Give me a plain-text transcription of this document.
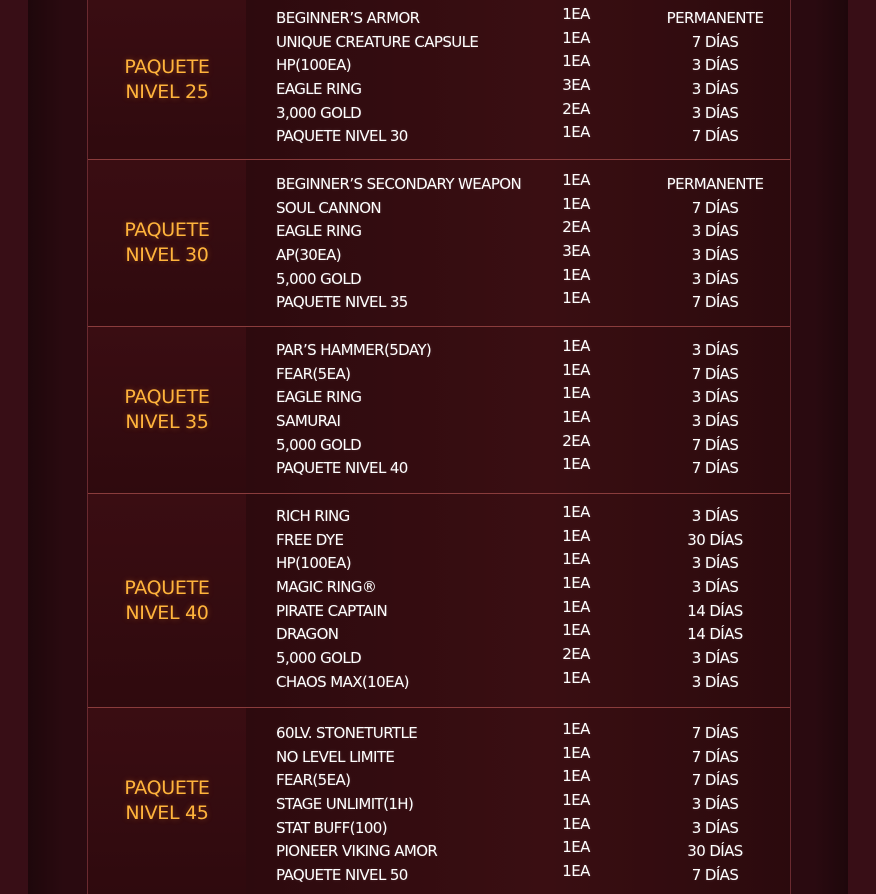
PAQUETE
NIVEL 25
BEGINNER’S ARMOR	1EA	PERMANENTE
UNIQUE CREATURE CAPSULE	1EA	7 DÍAS
HP(100EA)	1EA	3 DÍAS
EAGLE RING	3EA	3 DÍAS
3,000 GOLD	2EA	3 DÍAS
PAQUETE NIVEL 30	1EA	7 DÍAS
PAQUETE
NIVEL 30
BEGINNER’S SECONDARY WEAPON	1EA	PERMANENTE
SOUL CANNON	1EA	7 DÍAS
EAGLE RING	2EA	3 DÍAS
AP(30EA)	3EA	3 DÍAS
5,000 GOLD	1EA	3 DÍAS
PAQUETE NIVEL 35	1EA	7 DÍAS
PAQUETE
NIVEL 35
PAR’S HAMMER(5DAY)	1EA	3 DÍAS
FEAR(5EA)	1EA	7 DÍAS
EAGLE RING	1EA	3 DÍAS
SAMURAI	1EA	3 DÍAS
5,000 GOLD	2EA	7 DÍAS
PAQUETE NIVEL 40	1EA	7 DÍAS
PAQUETE
NIVEL 40
RICH RING	1EA	3 DÍAS
FREE DYE	1EA	30 DÍAS
HP(100EA)	1EA	3 DÍAS
MAGIC RING®	1EA	3 DÍAS
PIRATE CAPTAIN	1EA	14 DÍAS
DRAGON	1EA	14 DÍAS
5,000 GOLD	2EA	3 DÍAS
CHAOS MAX(10EA)	1EA	3 DÍAS
PAQUETE
NIVEL 45
60LV. STONETURTLE	1EA	7 DÍAS
NO LEVEL LIMITE	1EA	7 DÍAS
FEAR(5EA)	1EA	7 DÍAS
STAGE UNLIMIT(1H)	1EA	3 DÍAS
STAT BUFF(100)	1EA	3 DÍAS
PIONEER VIKING AMOR	1EA	30 DÍAS
PAQUETE NIVEL 50	1EA	7 DÍAS
